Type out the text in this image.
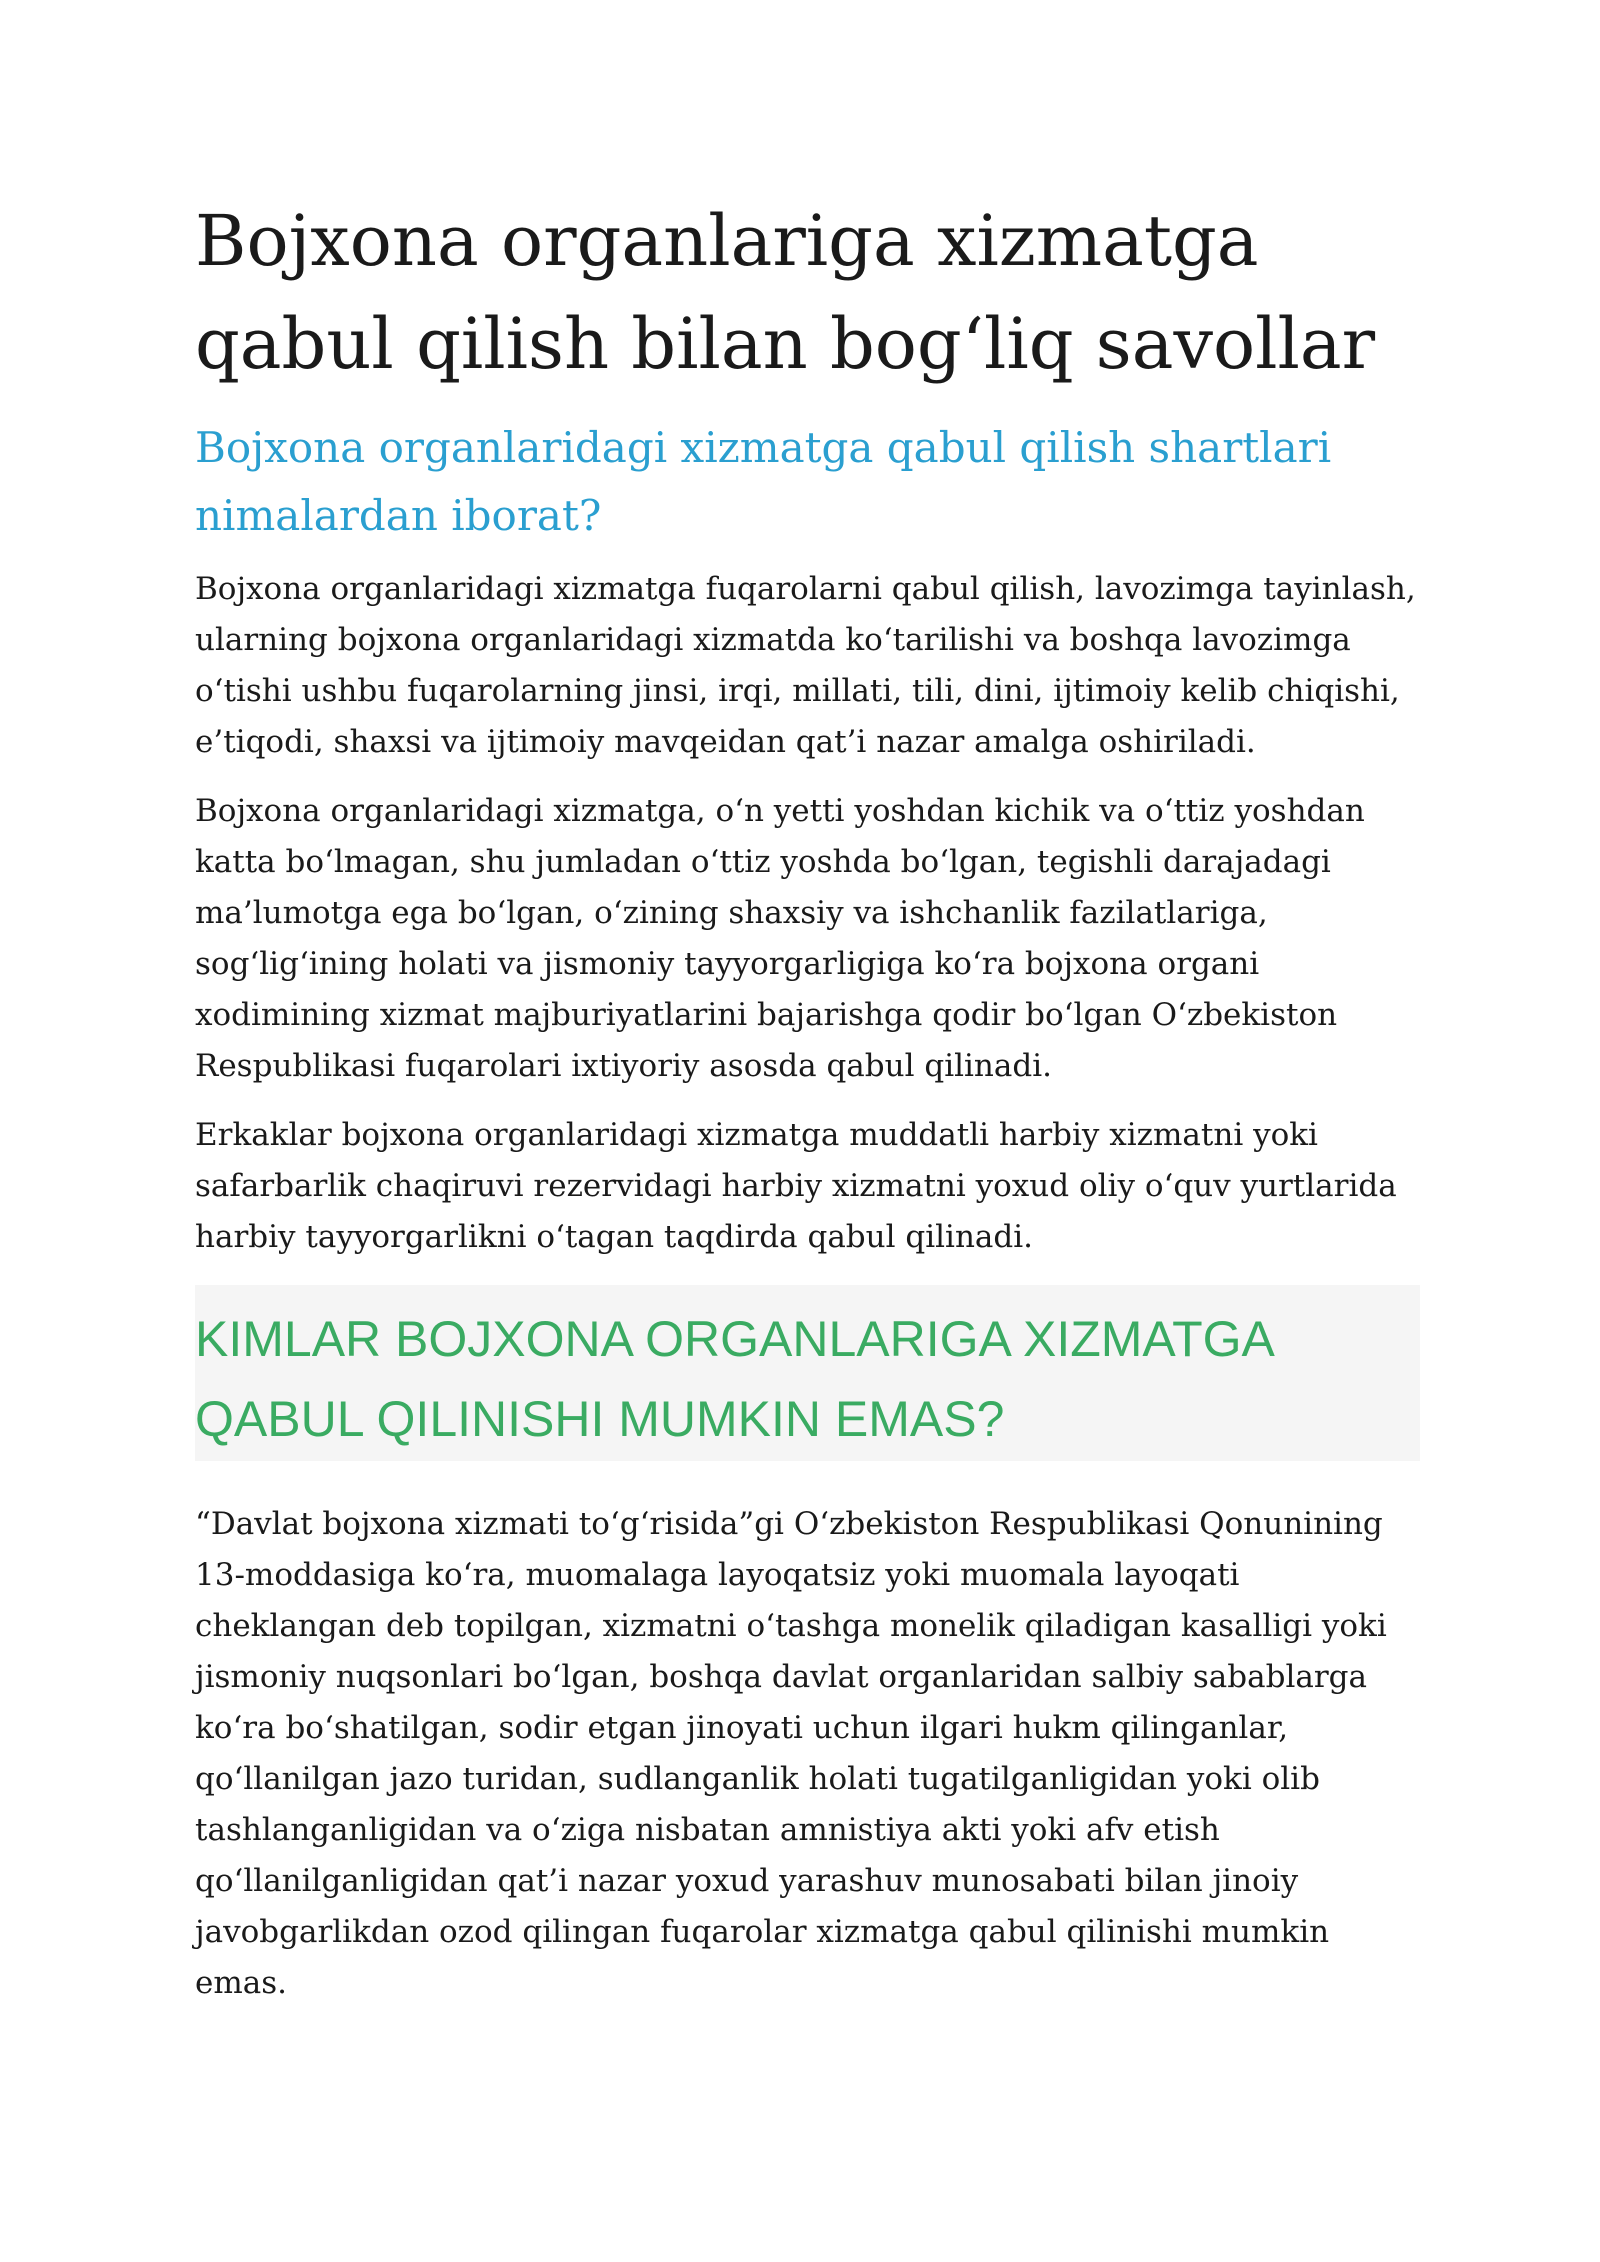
Bojxona organlariga xizmatga qabul qilish bilan bog‘liq savollar
Bojxona organlaridagi xizmatga qabul qilish shartlari nimalardan iborat?

Bojxona organlaridagi xizmatga fuqarolarni qabul qilish, lavozimga tayinlash, ularning bojxona organlaridagi xizmatda ko‘tarilishi va boshqa lavozimga o‘tishi ushbu fuqarolarning jinsi, irqi, millati, tili, dini, ijtimoiy kelib chiqishi, e’tiqodi, shaxsi va ijtimoiy mavqeidan qat’i nazar amalga oshiriladi.

Bojxona organlaridagi xizmatga, o‘n yetti yoshdan kichik va o‘ttiz yoshdan katta bo‘lmagan, shu jumladan o‘ttiz yoshda bo‘lgan, tegishli darajadagi ma’lumotga ega bo‘lgan, o‘zining shaxsiy va ishchanlik fazilatlariga, sog‘lig‘ining holati va jismoniy tayyorgarligiga ko‘ra bojxona organi xodimining xizmat majburiyatlarini bajarishga qodir bo‘lgan O‘zbekiston Respublikasi fuqarolari ixtiyoriy asosda qabul qilinadi.

Erkaklar bojxona organlaridagi xizmatga muddatli harbiy xizmatni yoki safarbarlik chaqiruvi rezervidagi harbiy xizmatni yoxud oliy o‘quv yurtlarida harbiy tayyorgarlikni o‘tagan taqdirda qabul qilinadi.

KIMLAR BOJXONA ORGANLARIGA XIZMATGA QABUL QILINISHI MUMKIN EMAS?

“Davlat bojxona xizmati to‘g‘risida”gi O‘zbekiston Respublikasi Qonunining 13-moddasiga ko‘ra, muomalaga layoqatsiz yoki muomala layoqati cheklangan deb topilgan, xizmatni o‘tashga monelik qiladigan kasalligi yoki jismoniy nuqsonlari bo‘lgan, boshqa davlat organlaridan salbiy sabablarga ko‘ra bo‘shatilgan, sodir etgan jinoyati uchun ilgari hukm qilinganlar, qo‘llanilgan jazo turidan, sudlanganlik holati tugatilganligidan yoki olib tashlanganligidan va o‘ziga nisbatan amnistiya akti yoki afv etish qo‘llanilganligidan qat’i nazar yoxud yarashuv munosabati bilan jinoiy javobgarlikdan ozod qilingan fuqarolar xizmatga qabul qilinishi mumkin emas.
